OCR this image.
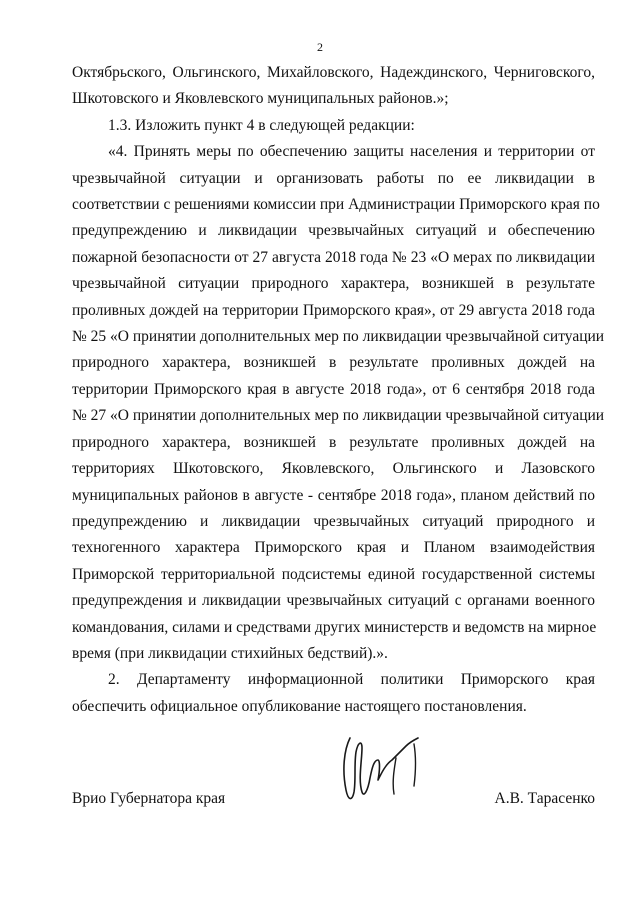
2
Октябрьского, Ольгинского, Михайловского, Надеждинского, Черниговского,
Шкотовского и Яковлевского муниципальных районов.»;
1.3. Изложить пункт 4 в следующей редакции:
«4. Принять меры по обеспечению защиты населения и территории от
чрезвычайной ситуации и организовать работы по ее ликвидации в
соответствии с решениями комиссии при Администрации Приморского края по
предупреждению и ликвидации чрезвычайных ситуаций и обеспечению
пожарной безопасности от 27 августа 2018 года № 23 «О мерах по ликвидации
чрезвычайной ситуации природного характера, возникшей в результате
проливных дождей на территории Приморского края», от 29 августа 2018 года
№ 25 «О принятии дополнительных мер по ликвидации чрезвычайной ситуации
природного характера, возникшей в результате проливных дождей на
территории Приморского края в августе 2018 года», от 6 сентября 2018 года
№ 27 «О принятии дополнительных мер по ликвидации чрезвычайной ситуации
природного характера, возникшей в результате проливных дождей на
территориях Шкотовского, Яковлевского, Ольгинского и Лазовского
муниципальных районов в августе - сентябре 2018 года», планом действий по
предупреждению и ликвидации чрезвычайных ситуаций природного и
техногенного характера Приморского края и Планом взаимодействия
Приморской территориальной подсистемы единой государственной системы
предупреждения и ликвидации чрезвычайных ситуаций с органами военного
командования, силами и средствами других министерств и ведомств на мирное
время (при ликвидации стихийных бедствий).».
2. Департаменту информационной политики Приморского края
обеспечить официальное опубликование настоящего постановления.
Врио Губернатора края	А.В. Тарасенко
